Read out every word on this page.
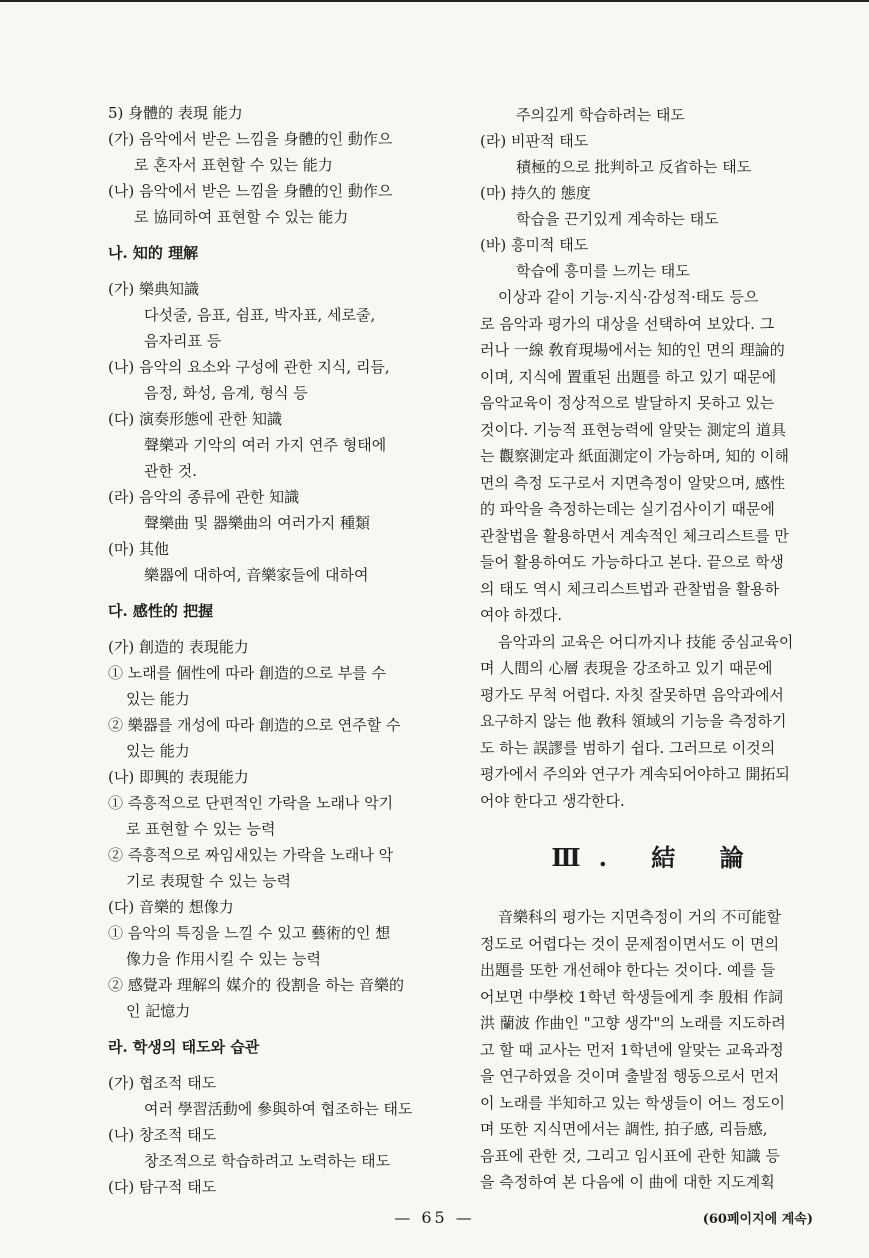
5) 身體的 表現 能力

(가) 음악에서 받은 느낌을 身體的인 動作으

로 혼자서 표현할 수 있는 能力

(나) 음악에서 받은 느낌을 身體的인 動作으

로 協同하여 표현할 수 있는 能力

나. 知的 理解

(가) 樂典知識

다섯줄, 음표, 쉼표, 박자표, 세로줄,

음자리표 등

(나) 음악의 요소와 구성에 관한 지식, 리듬,

음정, 화성, 음계, 형식 등

(다) 演奏形態에 관한 知識

聲樂과 기악의 여러 가지 연주 형태에

관한 것.

(라) 음악의 종류에 관한 知識

聲樂曲 및 器樂曲의 여러가지 種類

(마) 其他

樂器에 대하여, 音樂家들에 대하여

다. 感性的 把握

(가) 創造的 表現能力

① 노래를 個性에 따라 創造的으로 부를 수

있는 能力

② 樂器를 개성에 따라 創造的으로 연주할 수

있는 能力

(나) 即興的 表現能力

① 즉흥적으로 단편적인 가락을 노래나 악기

로 표현할 수 있는 능력

② 즉흥적으로 짜임새있는 가락을 노래나 악

기로 表現할 수 있는 능력

(다) 音樂的 想像力

① 음악의 특징을 느낄 수 있고 藝術的인 想

像力을 作用시킬 수 있는 능력

② 感覺과 理解의 媒介的 役割을 하는 音樂的

인 記憶力

라. 학생의 태도와 습관

(가) 협조적 태도

여러 學習活動에 參與하여 협조하는 태도

(나) 창조적 태도

창조적으로 학습하려고 노력하는 태도

(다) 탐구적 태도

주의깊게 학습하려는 태도

(라) 비판적 태도

積極的으로 批判하고 反省하는 태도

(마) 持久的 態度

학습을 끈기있게 계속하는 태도

(바) 흥미적 태도

학습에 흥미를 느끼는 태도

이상과 같이 기능·지식·감성적·태도 등으

로 음악과 평가의 대상을 선택하여 보았다. 그

러나 一線 敎育現場에서는 知的인 면의 理論的

이며, 지식에 置重된 出題를 하고 있기 때문에

음악교육이 정상적으로 발달하지 못하고 있는

것이다. 기능적 표현능력에 알맞는 測定의 道具

는 觀察測定과 紙面測定이 가능하며, 知的 이해

면의 측정 도구로서 지면측정이 알맞으며, 感性

的 파악을 측정하는데는 실기검사이기 때문에

관찰법을 활용하면서 계속적인 체크리스트를 만

들어 활용하여도 가능하다고 본다. 끝으로 학생

의 태도 역시 체크리스트법과 관찰법을 활용하

여야 하겠다.

음악과의 교육은 어디까지나 技能 중심교육이

며 人間의 心層 表現을 강조하고 있기 때문에

평가도 무척 어렵다. 자칫 잘못하면 음악과에서

요구하지 않는 他 敎科 領域의 기능을 측정하기

도 하는 誤謬를 범하기 쉽다. 그러므로 이것의

평가에서 주의와 연구가 계속되어야하고 開拓되

어야 한다고 생각한다.

Ⅲ. 結 論

音樂科의 평가는 지면측정이 거의 不可能할

정도로 어렵다는 것이 문제점이면서도 이 면의

出題를 또한 개선해야 한다는 것이다. 예를 들

어보면 中學校 1학년 학생들에게 李 殷相 作詞

洪 蘭波 作曲인 "고향 생각"의 노래를 지도하려

고 할 때 교사는 먼저 1학년에 알맞는 교육과정

을 연구하였을 것이며 출발점 행동으로서 먼저

이 노래를 半知하고 있는 학생들이 어느 정도이

며 또한 지식면에서는 調性, 拍子感, 리듬感,

음표에 관한 것, 그리고 임시표에 관한 知識 등

을 측정하여 본 다음에 이 曲에 대한 지도계획

(60페이지에 계속)

— 65 —
